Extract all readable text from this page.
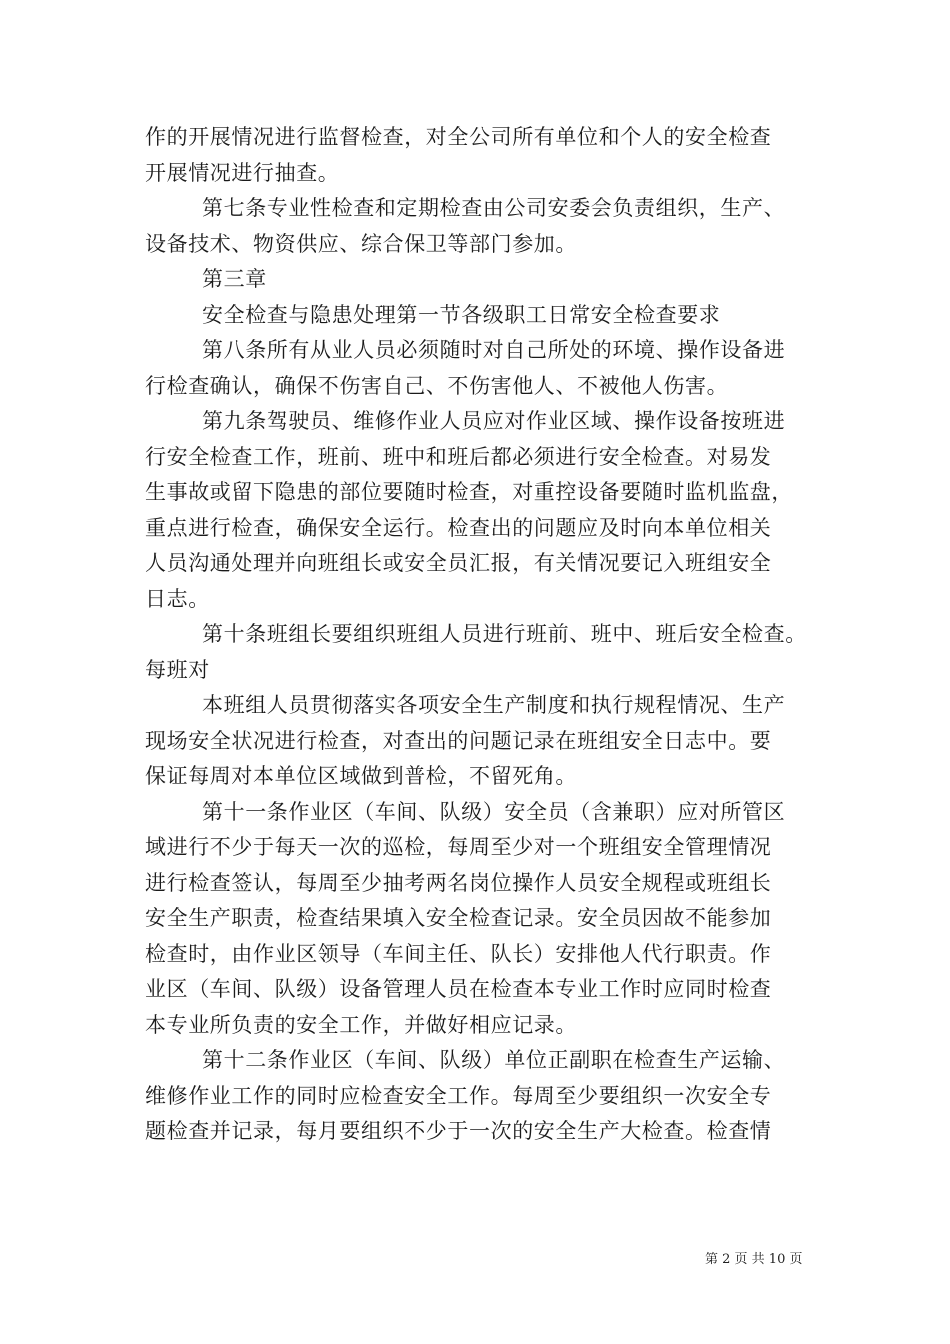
作的开展情况进行监督检查，对全公司所有单位和个人的安全检查
开展情况进行抽查。
第七条专业性检查和定期检查由公司安委会负责组织，生产、
设备技术、物资供应、综合保卫等部门参加。
第三章
安全检查与隐患处理第一节各级职工日常安全检查要求
第八条所有从业人员必须随时对自己所处的环境、操作设备进
行检查确认，确保不伤害自己、不伤害他人、不被他人伤害。
第九条驾驶员、维修作业人员应对作业区域、操作设备按班进
行安全检查工作，班前、班中和班后都必须进行安全检查。对易发
生事故或留下隐患的部位要随时检查，对重控设备要随时监机监盘，
重点进行检查，确保安全运行。检查出的问题应及时向本单位相关
人员沟通处理并向班组长或安全员汇报，有关情况要记入班组安全
日志。
第十条班组长要组织班组人员进行班前、班中、班后安全检查。
每班对
本班组人员贯彻落实各项安全生产制度和执行规程情况、生产
现场安全状况进行检查，对查出的问题记录在班组安全日志中。要
保证每周对本单位区域做到普检，不留死角。
第十一条作业区（车间、队级）安全员（含兼职）应对所管区
域进行不少于每天一次的巡检，每周至少对一个班组安全管理情况
进行检查签认，每周至少抽考两名岗位操作人员安全规程或班组长
安全生产职责，检查结果填入安全检查记录。安全员因故不能参加
检查时，由作业区领导（车间主任、队长）安排他人代行职责。作
业区（车间、队级）设备管理人员在检查本专业工作时应同时检查
本专业所负责的安全工作，并做好相应记录。
第十二条作业区（车间、队级）单位正副职在检查生产运输、
维修作业工作的同时应检查安全工作。每周至少要组织一次安全专
题检查并记录，每月要组织不少于一次的安全生产大检查。检查情
第 2 页 共 10 页
